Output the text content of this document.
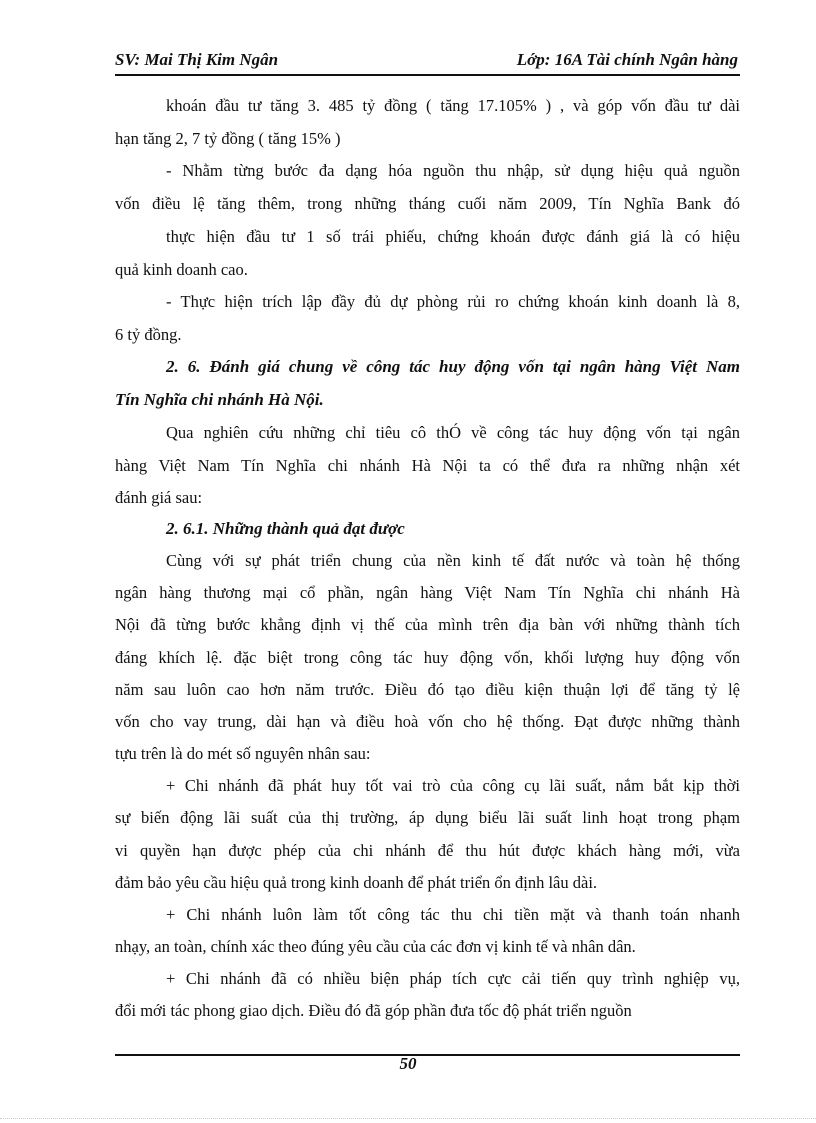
SV: Mai Thị Kim Ngân	Lớp: 16A Tài chính Ngân hàng
khoán đầu tư tăng 3. 485 tỷ đồng ( tăng 17.105% ) , và góp vốn đầu tư dài
hạn tăng 2, 7 tỷ đồng ( tăng 15% )
- Nhằm từng bước đa dạng hóa nguồn thu nhập, sử dụng hiệu quả nguồn
vốn điều lệ tăng thêm, trong những tháng cuối năm 2009, Tín Nghĩa Bank đó
thực hiện đầu tư 1 số trái phiếu, chứng khoán được đánh giá là có hiệu
quả kinh doanh cao.
- Thực hiện trích lập đầy đủ dự phòng rủi ro chứng khoán kinh doanh là 8,
6 tỷ đồng.
2. 6. Đánh giá chung về công tác huy động vốn tại ngân hàng Việt Nam
Tín Nghĩa chi nhánh Hà Nội.
Qua nghiên cứu những chỉ tiêu cô thÓ về công tác huy động vốn tại ngân
hàng Việt Nam Tín Nghĩa chi nhánh Hà Nội ta có thể đưa ra những nhận xét
đánh giá sau:
2. 6.1. Những thành quả đạt được
Cùng với sự phát triển chung của nền kinh tế đất nước và toàn hệ thống
ngân hàng thương mại cổ phần, ngân hàng Việt Nam Tín Nghĩa chi nhánh Hà
Nội đã từng bước khẳng định vị thế của mình trên địa bàn với những thành tích
đáng khích lệ. đặc biệt trong công tác huy động vốn, khối lượng huy động vốn
năm sau luôn cao hơn năm trước. Điều đó tạo điều kiện thuận lợi để tăng tỷ lệ
vốn cho vay trung, dài hạn và điều hoà vốn cho hệ thống. Đạt được những thành
tựu trên là do mét số nguyên nhân sau:
+ Chi nhánh đã phát huy tốt vai trò của công cụ lãi suất, nắm bắt kịp thời
sự biến động lãi suất của thị trường, áp dụng biểu lãi suất linh hoạt trong phạm
vi quyền hạn được phép của chi nhánh để thu hút được khách hàng mới, vừa
đảm bảo yêu cầu hiệu quả trong kinh doanh để phát triển ổn định lâu dài.
+ Chi nhánh luôn làm tốt công tác thu chi tiền mặt và thanh toán nhanh
nhạy, an toàn, chính xác theo đúng yêu cầu của các đơn vị kinh tế và nhân dân.
+ Chi nhánh đã có nhiều biện pháp tích cực cải tiến quy trình nghiệp vụ,
đổi mới tác phong giao dịch. Điều đó đã góp phần đưa tốc độ phát triển nguồn
50
